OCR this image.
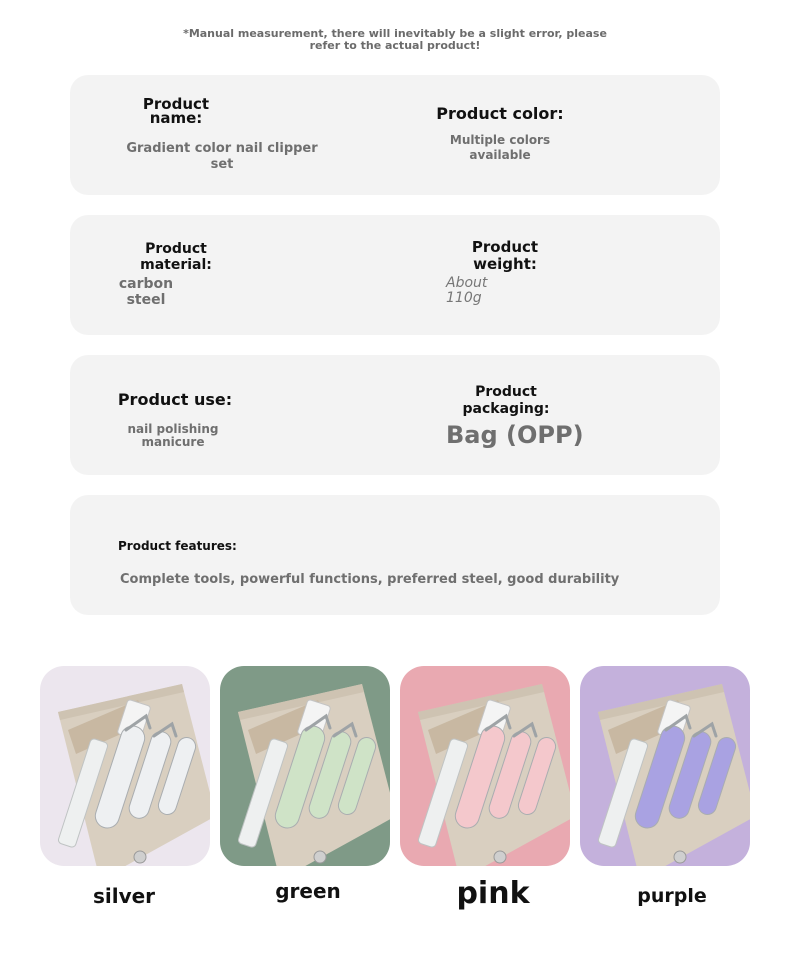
*Manual measurement, there will inevitably be a slight error, please
refer to the actual product!
Product
name:
Gradient color nail clipper set
Product color:
Multiple colors
available
Product
material:
carbon
steel
Product
weight:
About
110g
Product use:
nail polishing
manicure
Product
packaging:
Bag (OPP)
Product features:
Complete tools, powerful functions, preferred steel, good durability
silver	green	pink	purple
